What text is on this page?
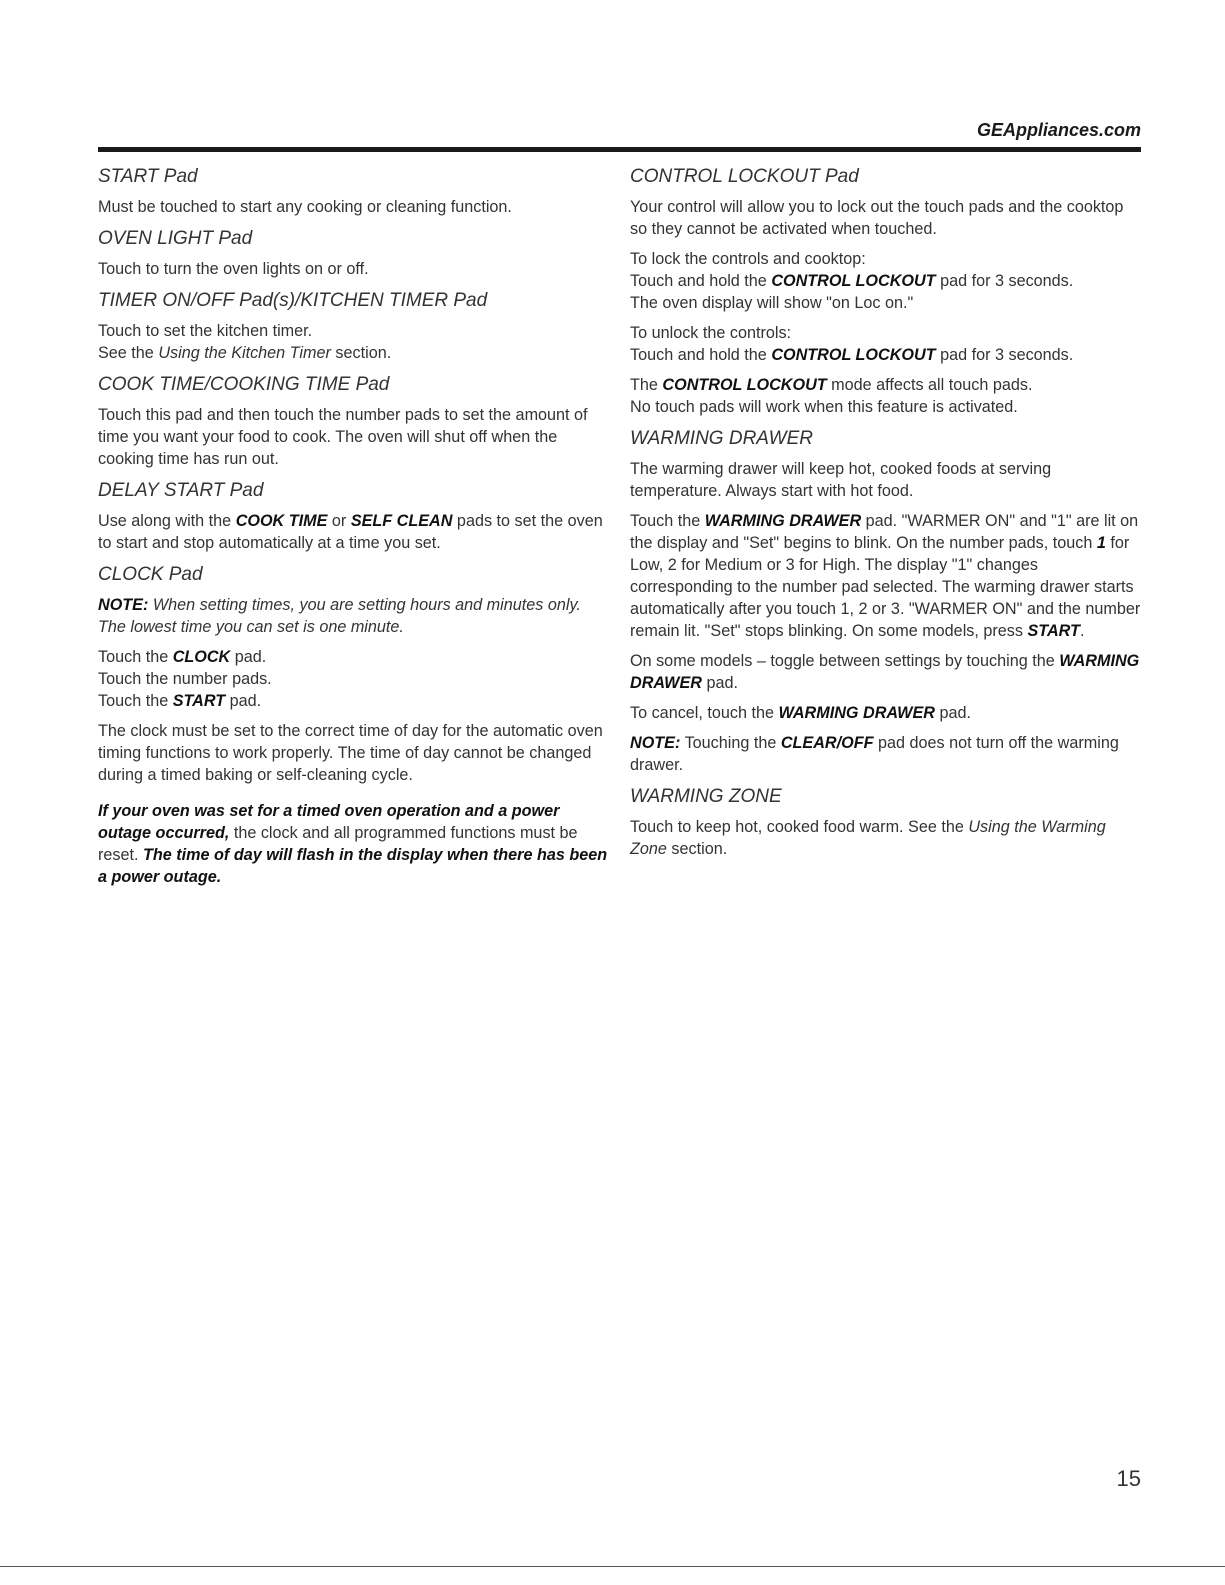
GEAppliances.com
START Pad

Must be touched to start any cooking or cleaning function.

OVEN LIGHT Pad

Touch to turn the oven lights on or off.

TIMER ON/OFF Pad(s)/KITCHEN TIMER Pad
Touch to set the kitchen timer.
See the Using the Kitchen Timer section.
COOK TIME/COOKING TIME Pad

Touch this pad and then touch the number pads to set the amount of time you want your food to cook. The oven will shut off when the cooking time has run out.

DELAY START Pad

Use along with the COOK TIME or SELF CLEAN pads to set the oven to start and stop automatically at a time you set.

CLOCK Pad

NOTE: When setting times, you are setting hours and minutes only. The lowest time you can set is one minute.

Touch the CLOCK pad.
Touch the number pads.
Touch the START pad.

The clock must be set to the correct time of day for the automatic oven timing functions to work properly. The time of day cannot be changed during a timed baking or self-cleaning cycle.

If your oven was set for a timed oven operation and a power outage occurred, the clock and all programmed functions must be reset. The time of day will flash in the display when there has been a power outage.

CONTROL LOCKOUT Pad

Your control will allow you to lock out the touch pads and the cooktop so they cannot be activated when touched.

To lock the controls and cooktop:
Touch and hold the CONTROL LOCKOUT pad for 3 seconds.
The oven display will show "on Loc on."
To unlock the controls:
Touch and hold the CONTROL LOCKOUT pad for 3 seconds.
The CONTROL LOCKOUT mode affects all touch pads.
No touch pads will work when this feature is activated.
WARMING DRAWER

The warming drawer will keep hot, cooked foods at serving temperature. Always start with hot food.

Touch the WARMING DRAWER pad. "WARMER ON" and "1" are lit on the display and "Set" begins to blink. On the number pads, touch 1 for Low, 2 for Medium or 3 for High. The display "1" changes corresponding to the number pad selected. The warming drawer starts automatically after you touch 1, 2 or 3. "WARMER ON" and the number remain lit. "Set" stops blinking. On some models, press START.

On some models – toggle between settings by touching the WARMING DRAWER pad.

To cancel, touch the WARMING DRAWER pad.

NOTE: Touching the CLEAR/OFF pad does not turn off the warming drawer.

WARMING ZONE

Touch to keep hot, cooked food warm. See the Using the Warming Zone section.

15
